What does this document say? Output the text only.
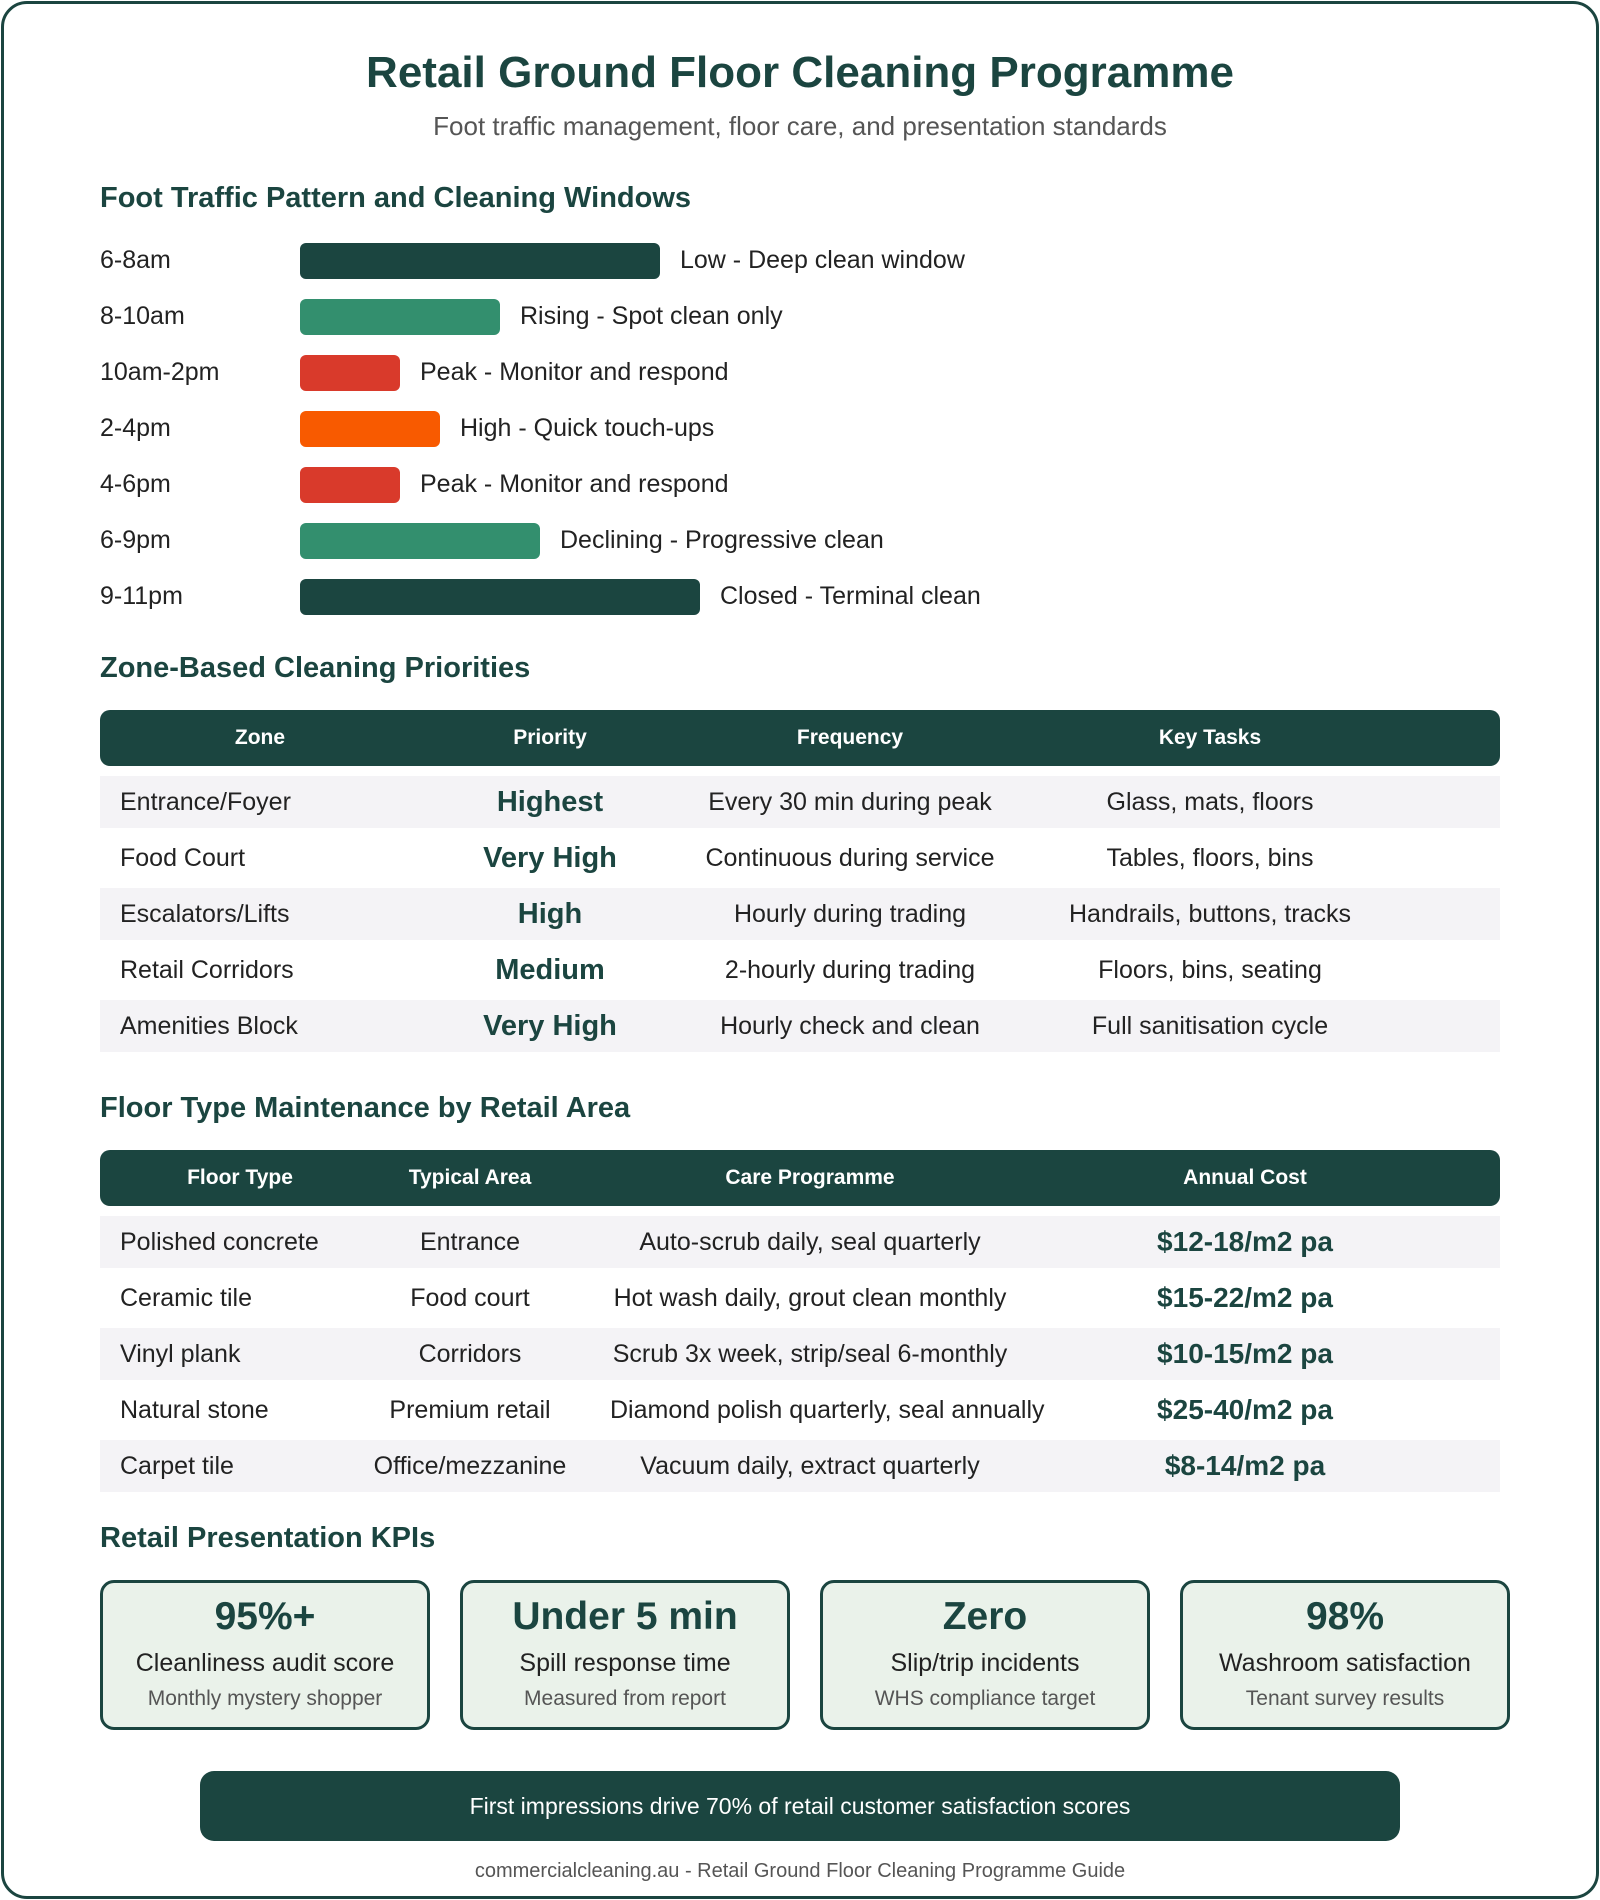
Retail Ground Floor Cleaning Programme
Foot traffic management, floor care, and presentation standards
Foot Traffic Pattern and Cleaning Windows
6-8am	Low - Deep clean window
8-10am	Rising - Spot clean only
10am-2pm	Peak - Monitor and respond
2-4pm	High - Quick touch-ups
4-6pm	Peak - Monitor and respond
6-9pm	Declining - Progressive clean
9-11pm	Closed - Terminal clean
Zone-Based Cleaning Priorities
Zone	Priority	Frequency	Key Tasks
Entrance/Foyer	Highest	Every 30 min during peak	Glass, mats, floors
Food Court	Very High	Continuous during service	Tables, floors, bins
Escalators/Lifts	High	Hourly during trading	Handrails, buttons, tracks
Retail Corridors	Medium	2-hourly during trading	Floors, bins, seating
Amenities Block	Very High	Hourly check and clean	Full sanitisation cycle
Floor Type Maintenance by Retail Area
Floor Type	Typical Area	Care Programme	Annual Cost
Polished concrete	Entrance	Auto-scrub daily, seal quarterly	$12-18/m2 pa
Ceramic tile	Food court	Hot wash daily, grout clean monthly	$15-22/m2 pa
Vinyl plank	Corridors	Scrub 3x week, strip/seal 6-monthly	$10-15/m2 pa
Natural stone	Premium retail	Diamond polish quarterly, seal annually	$25-40/m2 pa
Carpet tile	Office/mezzanine	Vacuum daily, extract quarterly	$8-14/m2 pa
Retail Presentation KPIs
95%+
Cleanliness audit score
Monthly mystery shopper
Under 5 min
Spill response time
Measured from report
Zero
Slip/trip incidents
WHS compliance target
98%
Washroom satisfaction
Tenant survey results
First impressions drive 70% of retail customer satisfaction scores
commercialcleaning.au - Retail Ground Floor Cleaning Programme Guide
